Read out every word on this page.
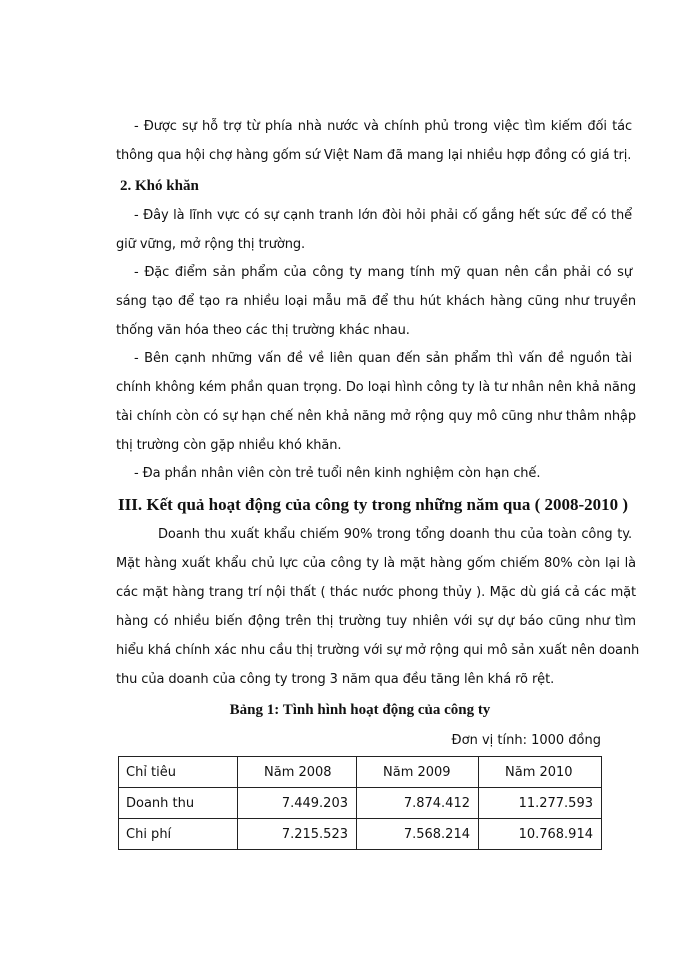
- Được sự hỗ trợ từ phía nhà nước và chính phủ trong việc tìm kiếm đối tác
thông qua hội chợ hàng gốm sứ Việt Nam đã mang lại nhiều hợp đồng có giá trị.
2. Khó khăn
- Đây là lĩnh vực có sự cạnh tranh lớn đòi hỏi phải cố gắng hết sức để có thể
giữ vững, mở rộng thị trường.
- Đặc điểm sản phẩm của công ty mang tính mỹ quan nên cần phải có sự
sáng tạo để tạo ra nhiều loại mẫu mã để thu hút khách hàng cũng như truyền
thống văn hóa theo các thị trường khác nhau.
- Bên cạnh những vấn đề về liên quan đến sản phẩm thì vấn đề nguồn tài
chính không kém phần quan trọng. Do loại hình công ty là tư nhân nên khả năng
tài chính còn có sự hạn chế nên khả năng mở rộng quy mô cũng như thâm nhập
thị trường còn gặp nhiều khó khăn.
- Đa phần nhân viên còn trẻ tuổi nên kinh nghiệm còn hạn chế.
III. Kết quả hoạt động của công ty trong những năm qua ( 2008-2010 )
Doanh thu xuất khẩu chiếm 90% trong tổng doanh thu của toàn công ty.
Mặt hàng xuất khẩu chủ lực của công ty là mặt hàng gốm chiếm 80% còn lại là
các mặt hàng trang trí nội thất ( thác nước phong thủy ). Mặc dù giá cả các mặt
hàng có nhiều biến động trên thị trường tuy nhiên với sự dự báo cũng như tìm
hiểu khá chính xác nhu cầu thị trường với sự mở rộng qui mô sản xuất nên doanh
thu của doanh của công ty trong 3 năm qua đều tăng lên khá rõ rệt.
Bảng 1: Tình hình hoạt động của công ty
Đơn vị tính: 1000 đồng
Chỉ tiêu	Năm 2008	Năm 2009	Năm 2010
Doanh thu	7.449.203	7.874.412	11.277.593
Chi phí	7.215.523	7.568.214	10.768.914
